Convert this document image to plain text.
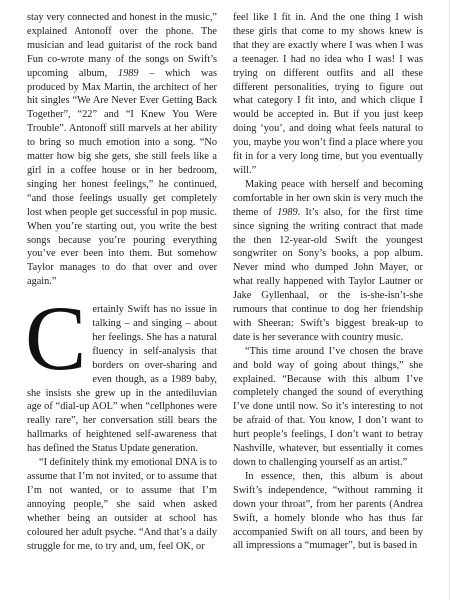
stay very connected and honest in the music,” explained Antonoff over the phone. The musician and lead guitarist of the rock band Fun co-wrote many of the songs on Swift’s upcoming album, 1989 – which was produced by Max Martin, the architect of her hit singles “We Are Never Ever Getting Back Together”, “22” and “I Knew You Were Trouble”. Antonoff still marvels at her ability to bring so much emotion into a song. “No matter how big she gets, she still feels like a girl in a coffee house or in her bedroom, singing her honest feelings,” he continued, “and those feelings usually get completely lost when people get successful in pop music. When you’re starting out, you write the best songs because you’re pouring everything you’ve ever been into them. But somehow Taylor manages to do that over and over again.”

Certainly Swift has no issue in talking – and singing – about her feelings. She has a natural fluency in self-analysis that borders on over-sharing and even though, as a 1989 baby, she insists she grew up in the antediluvian age of “dial-up AOL” when “cellphones were really rare”, her conversation still bears the hallmarks of heightened self-awareness that has defined the Status Update generation.

“I definitely think my emotional DNA is to assume that I’m not invited, or to assume that I’m not wanted, or to assume that I’m annoying people,” she said when asked whether being an outsider at school has coloured her adult psyche. “And that’s a daily struggle for me, to try and, um, feel OK, or

feel like I fit in. And the one thing I wish these girls that come to my shows knew is that they are exactly where I was when I was a teenager. I had no idea who I was! I was trying on different outfits and all these different personalities, trying to figure out what category I fit into, and which clique I would be accepted in. But if you just keep doing ‘you’, and doing what feels natural to you, maybe you won’t find a place where you fit in for a very long time, but you eventually will.”

Making peace with herself and becoming comfortable in her own skin is very much the theme of 1989. It’s also, for the first time since signing the writing contract that made the then 12-year-old Swift the youngest songwriter on Sony’s books, a pop album. Never mind who dumped John Mayer, or what really happened with Taylor Lautner or Jake Gyllenhaal, or the is-she-isn’t-she rumours that continue to dog her friendship with Sheeran: Swift’s biggest break-up to date is her severance with country music.

“This time around I’ve chosen the brave and bold way of going about things,” she explained. “Because with this album I’ve completely changed the sound of everything I’ve done until now. So it’s interesting to not be afraid of that. You know, I don’t want to hurt people’s feelings, I don’t want to betray Nashville, whatever, but essentially it comes down to challenging yourself as an artist.”

In essence, then, this album is about Swift’s independence, “without ramming it down your throat”, from her parents (Andrea Swift, a homely blonde who has thus far accompanied Swift on all tours, and been by all impressions a “mumager”, but is based in
